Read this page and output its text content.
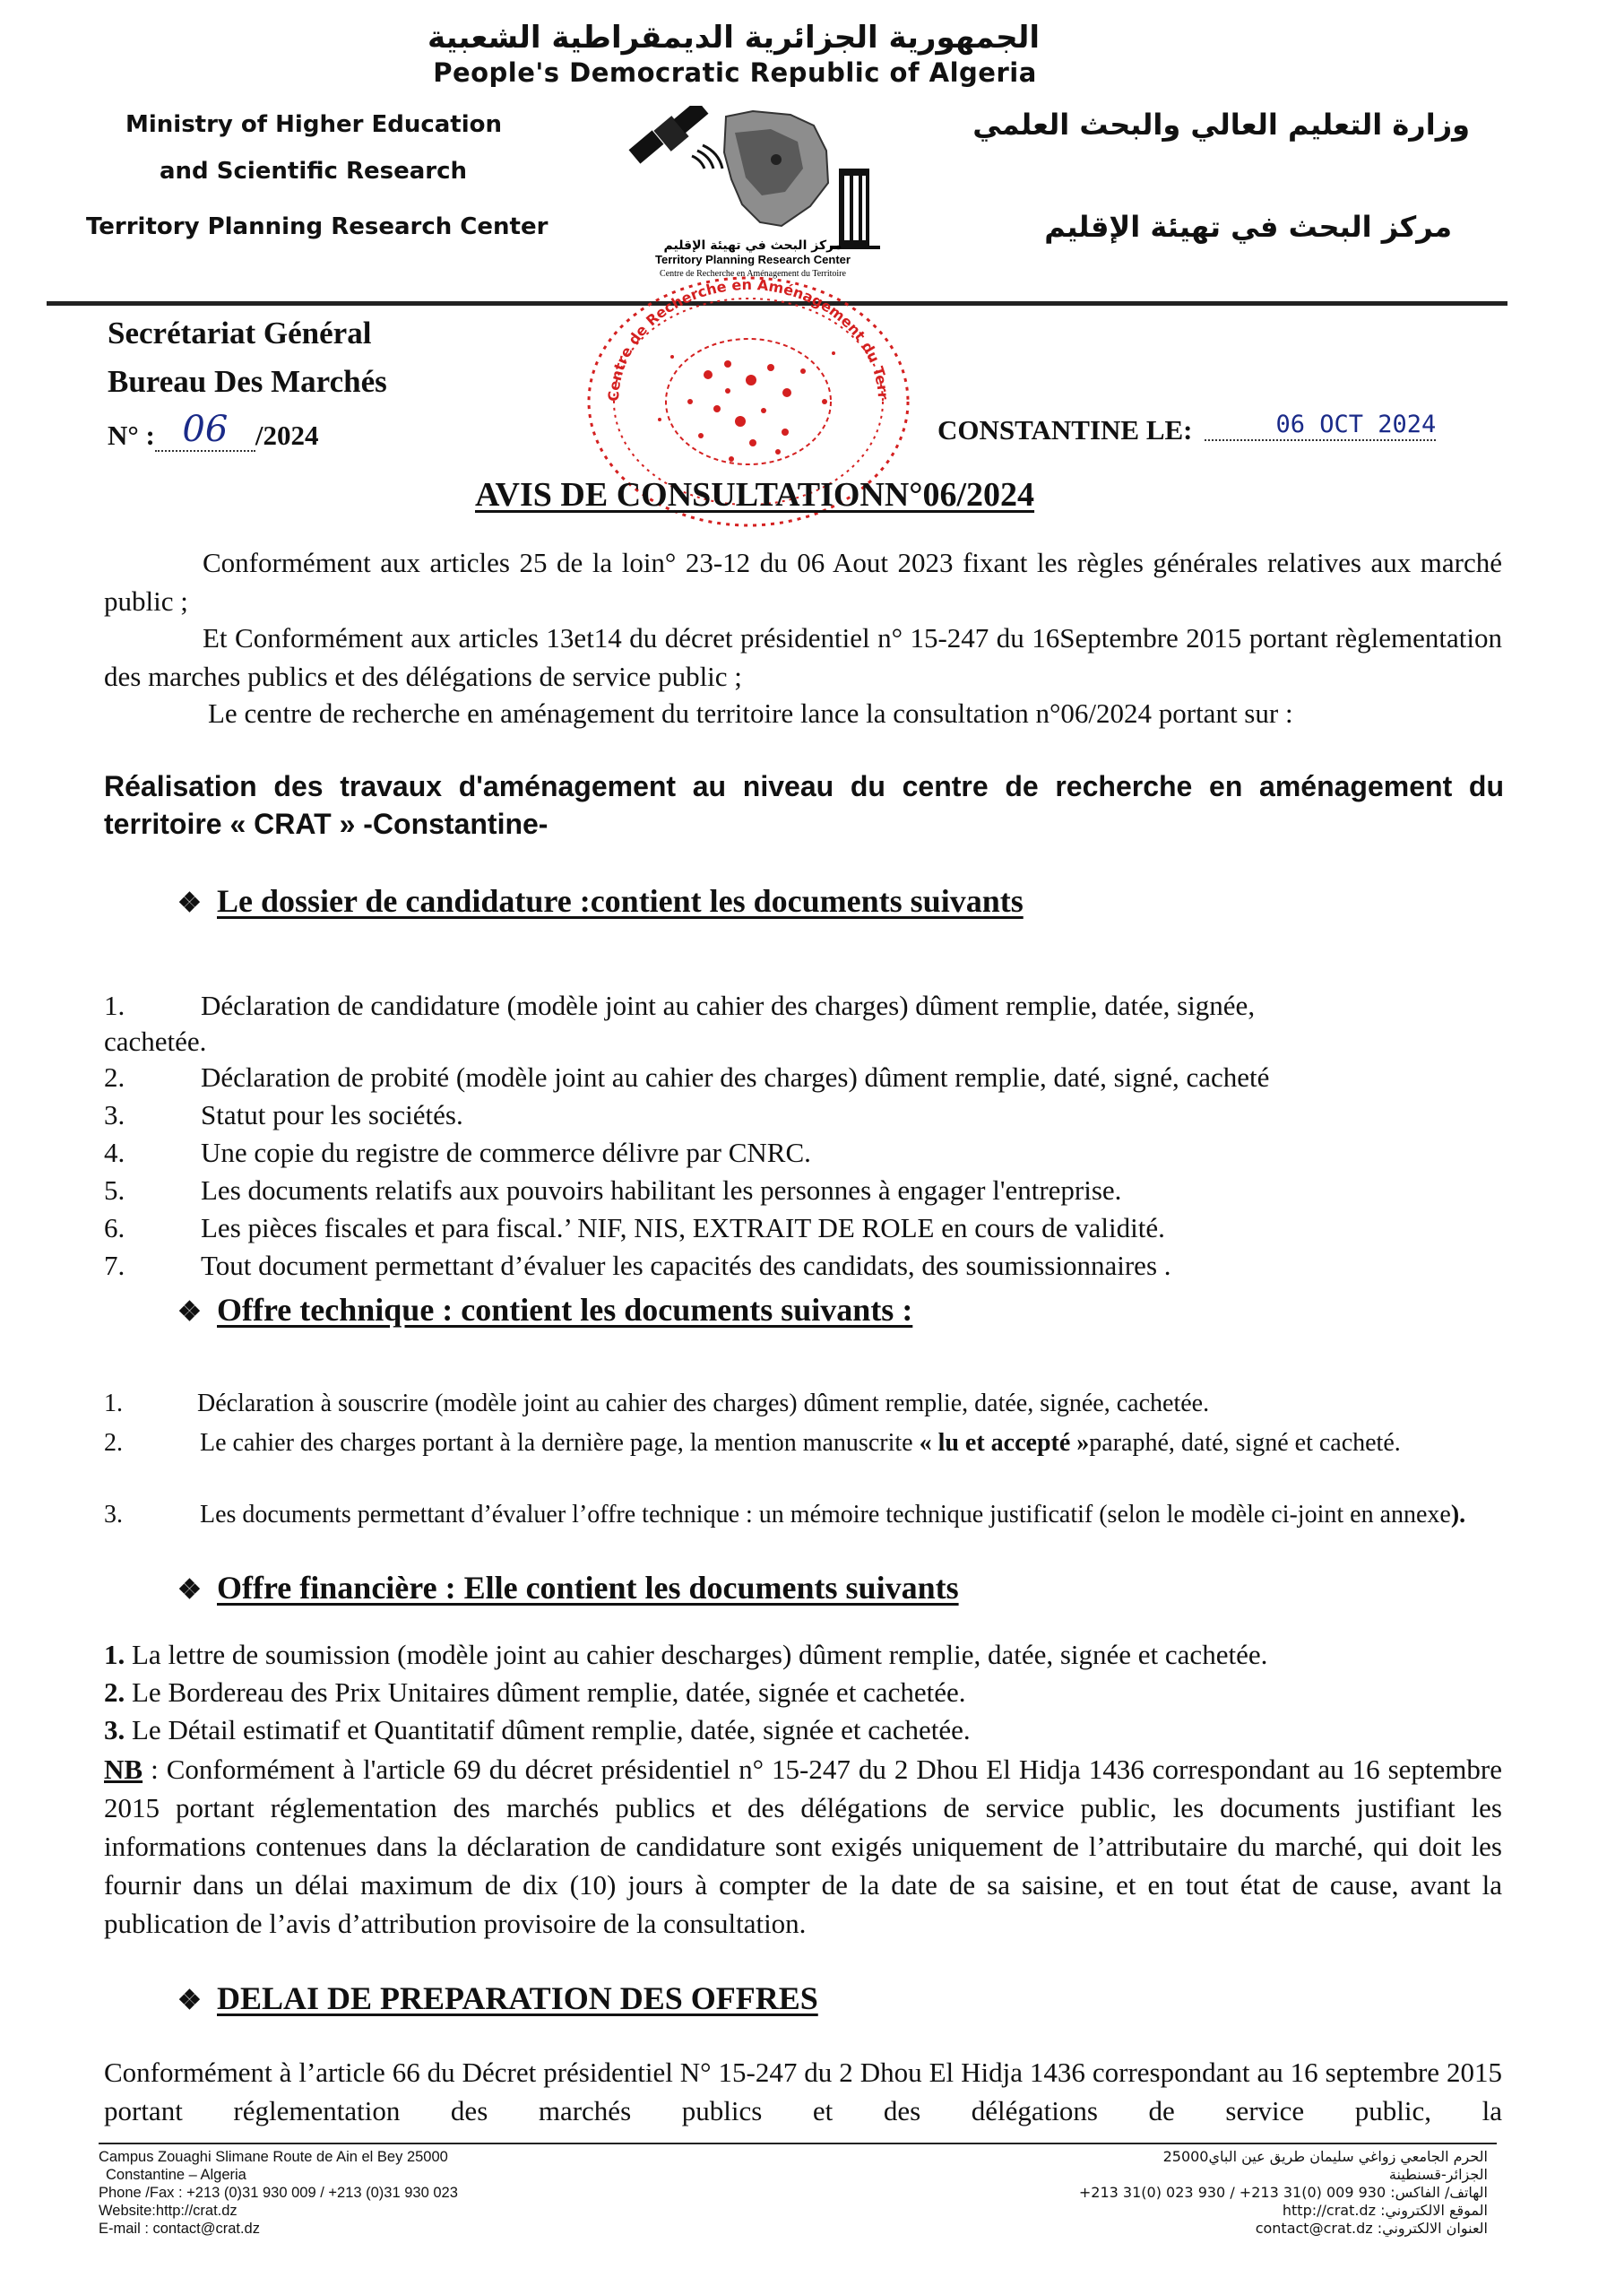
الجمهورية الجزائرية الديمقراطية الشعبية
People's Democratic Republic of Algeria
Ministry of Higher Education
and Scientific Research
Territory Planning Research Center
وزارة التعليم العالي والبحث العلمي
مركز البحث في تهيئة الإقليم
مركز البحث في تهيئة الإقليم
Territory Planning Research Center
Centre de Recherche en Aménagement du Territoire
Centre de Recherche en Aménagement du Terr
Secrétariat Général
Bureau Des Marchés
N° : 06 /2024	CONSTANTINE LE:	06 OCT 2024
AVIS DE CONSULTATIONN°06/2024
Conformément aux articles 25 de la loin° 23-12 du 06 Aout 2023 fixant les règles générales relatives aux marché public ;
Et Conformément aux articles 13et14 du décret présidentiel n° 15-247 du 16Septembre 2015 portant règlementation des marches publics et des délégations de service public ;
Le centre de recherche en aménagement du territoire lance la consultation n°06/2024 portant sur :
Réalisation des travaux d'aménagement au niveau du centre de recherche en aménagement du territoire « CRAT » -Constantine-
❖ Le dossier de candidature :contient les documents suivants
1.	Déclaration de candidature (modèle joint au cahier des charges) dûment remplie, datée, signée,
cachetée.
2.	Déclaration de probité (modèle joint au cahier des charges) dûment remplie, daté, signé, cacheté
3.	Statut pour les sociétés.
4.	Une copie du registre de commerce délivre par CNRC.
5.	Les documents relatifs aux pouvoirs habilitant les personnes à engager l'entreprise.
6.	Les pièces fiscales et para fiscal.’ NIF, NIS, EXTRAIT DE ROLE en cours de validité.
7.	Tout document permettant d’évaluer les capacités des candidats, des soumissionnaires .
❖ Offre technique : contient les documents suivants :
1.	Déclaration à souscrire (modèle joint au cahier des charges) dûment remplie, datée, signée, cachetée.
2.	Le cahier des charges portant à la dernière page, la mention manuscrite « lu et accepté »paraphé, daté, signé et cacheté.
3.	Les documents permettant d’évaluer l’offre technique : un mémoire technique justificatif (selon le modèle ci-joint en annexe).
❖ Offre financière : Elle contient les documents suivants
1. La lettre de soumission (modèle joint au cahier descharges) dûment remplie, datée, signée et cachetée.
2. Le Bordereau des Prix Unitaires dûment remplie, datée, signée et cachetée.
3. Le Détail estimatif et Quantitatif dûment remplie, datée, signée et cachetée.
NB : Conformément à l'article 69 du décret présidentiel n° 15-247 du 2 Dhou El Hidja 1436 correspondant au 16 septembre 2015 portant réglementation des marchés publics et des délégations de service public, les documents justifiant les informations contenues dans la déclaration de candidature sont exigés uniquement de l’attributaire du marché, qui doit les fournir dans un délai maximum de dix (10) jours à compter de la date de sa saisine, et en tout état de cause, avant la publication de l’avis d’attribution provisoire de la consultation.
❖ DELAI DE PREPARATION DES OFFRES
Conformément à l’article 66 du Décret présidentiel N° 15-247 du 2 Dhou El Hidja 1436 correspondant au 16 septembre 2015 portant réglementation des marchés publics et des délégations de service public, la
Campus Zouaghi Slimane Route de Ain el Bey 25000
Constantine – Algeria
Phone /Fax : +213 (0)31 930 009 / +213 (0)31 930 023
Website:http://crat.dz
E-mail : contact@crat.dz
الحرم الجامعي زواغي سليمان طريق عين الباي25000
الجزائر-قسنطينة
الهاتف/ الفاكس: 930 009 (0)31 213+ / 930 023 (0)31 213+
الموقع الالكتروني: http://crat.dz
العنوان الالكتروني: contact@crat.dz
